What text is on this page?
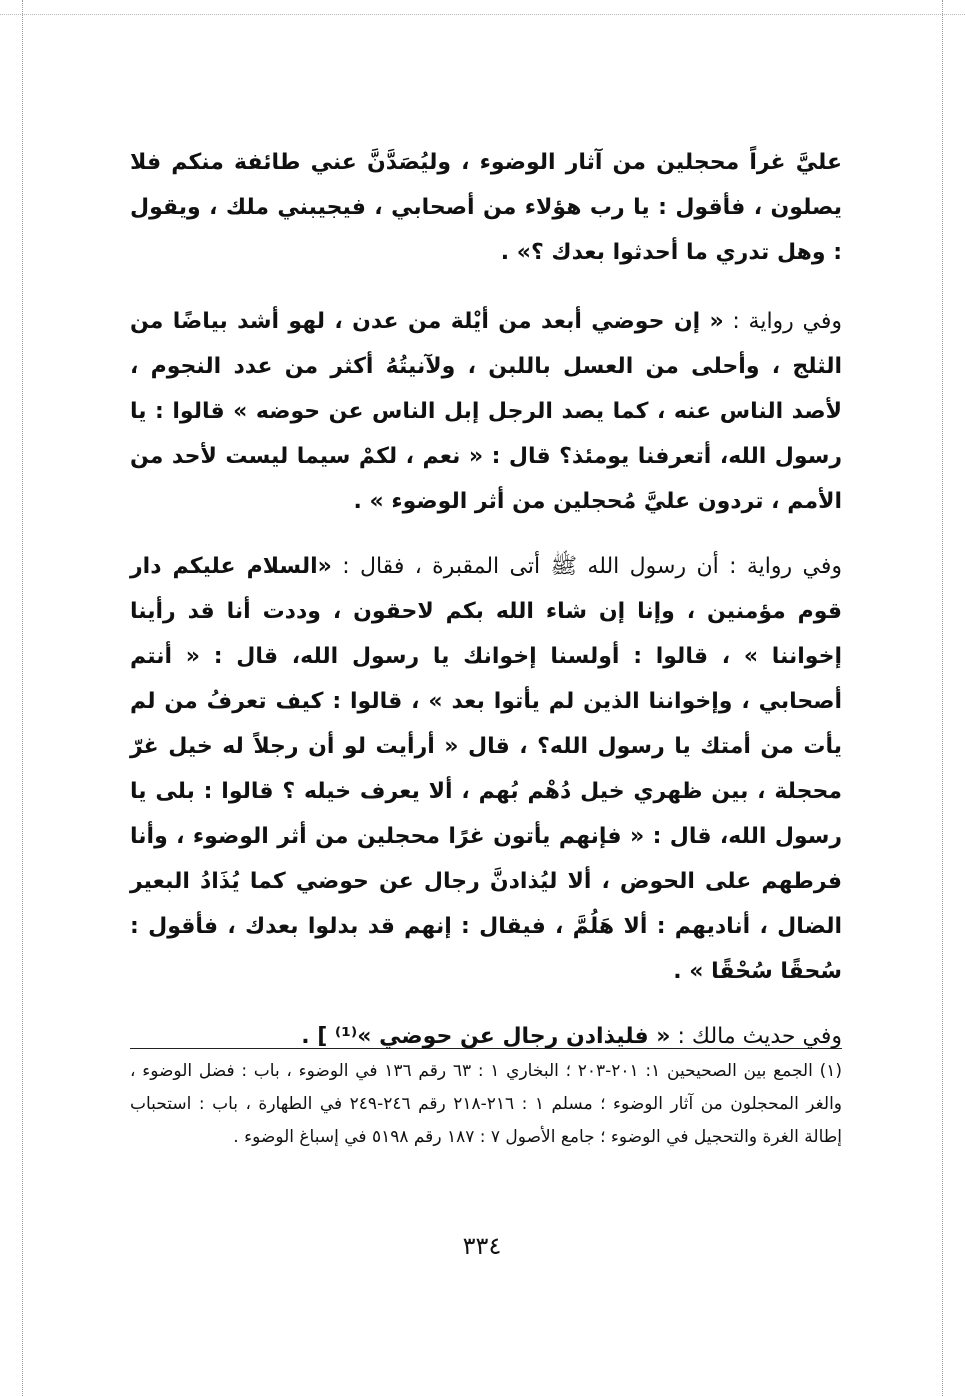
عليَّ غراً محجلين من آثار الوضوء ، وليُصَدَّنَّ عني طائفة منكم فلا يصلون ، فأقول : يا رب هؤلاء من أصحابي ، فيجيبني ملك ، ويقول : وهل تدري ما أحدثوا بعدك ؟» .

وفي رواية : « إن حوضي أبعد من أيْلة من عدن ، لهو أشد بياضًا من الثلج ، وأحلى من العسل باللبن ، ولآنيتُهُ أكثر من عدد النجوم ، لأصد الناس عنه ، كما يصد الرجل إبل الناس عن حوضه » قالوا : يا رسول الله، أتعرفنا يومئذ؟ قال : « نعم ، لكمْ سيما ليست لأحد من الأمم ، تردون عليَّ مُحجلين من أثر الوضوء » .

وفي رواية : أن رسول الله ﷺ أتى المقبرة ، فقال : «السلام عليكم دار قوم مؤمنين ، وإنا إن شاء الله بكم لاحقون ، وددت أنا قد رأينا إخواننا » ، قالوا : أولسنا إخوانك يا رسول الله، قال : « أنتم أصحابي ، وإخواننا الذين لم يأتوا بعد » ، قالوا : كيف تعرفُ من لم يأت من أمتك يا رسول الله؟ ، قال « أرأيت لو أن رجلاً له خيل غرّ محجلة ، بين ظهري خيل دُهْم بُهم ، ألا يعرف خيله ؟ قالوا : بلى يا رسول الله، قال : « فإنهم يأتون غرًا محجلين من أثر الوضوء ، وأنا فرطهم على الحوض ، ألا ليُذادنَّ رجال عن حوضي كما يُذَادُ البعير الضال ، أناديهم : ألا هَلُمَّ ، فيقال : إنهم قد بدلوا بعدك ، فأقول : سُحقًا سُحْقًا » .

وفي حديث مالك : « فليذادن رجال عن حوضي »⁽¹⁾ ] .

(١) الجمع بين الصحيحين ١: ٢٠١-٢٠٣ ؛ البخاري ١ : ٦٣ رقم ١٣٦ في الوضوء ، باب : فضل الوضوء ، والغر المحجلون من آثار الوضوء ؛ مسلم ١ : ٢١٦-٢١٨ رقم ٢٤٦-٢٤٩ في الطهارة ، باب : استحباب إطالة الغرة والتحجيل في الوضوء ؛ جامع الأصول ٧ : ١٨٧ رقم ٥١٩٨ في إسباغ الوضوء .
٣٣٤
